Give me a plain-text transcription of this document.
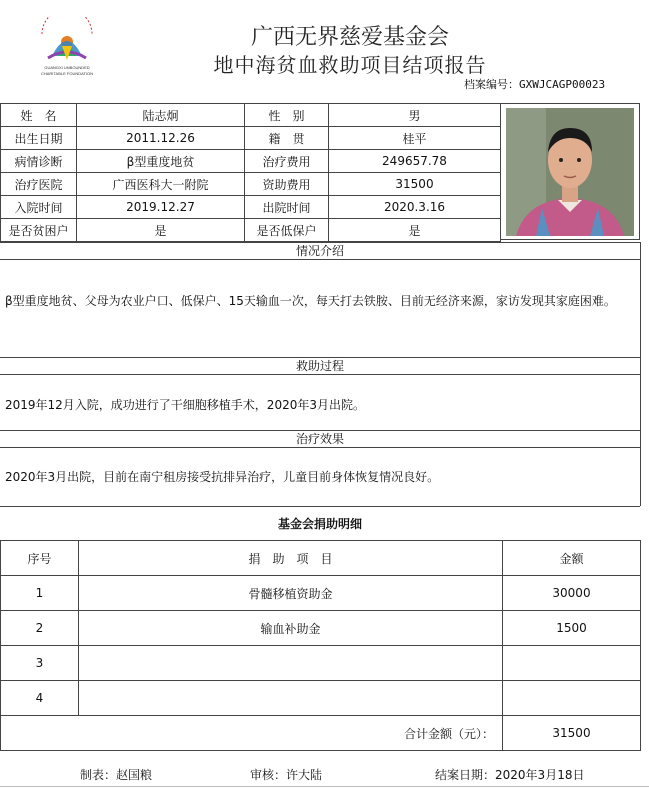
GUANGXI UNBOUNDED
CHARITABLE FOUNDATION
广西无界慈爱基金会
地中海贫血救助项目结项报告
档案编号：GXWJCAGP00023
姓　名	陆志炯	性　别	男
出生日期	2011.12.26	籍　贯	桂平
病情诊断	β型重度地贫	治疗费用	249657.78
治疗医院	广西医科大一附院	资助费用	31500
入院时间	2019.12.27	出院时间	2020.3.16
是否贫困户	是	是否低保户	是
情况介绍
β型重度地贫、父母为农业户口、低保户、15天输血一次，每天打去铁胺、目前无经济来源，家访发现其家庭困难。
救助过程
2019年12月入院，成功进行了干细胞移植手术，2020年3月出院。
治疗效果
2020年3月出院，目前在南宁租房接受抗排异治疗，儿童目前身体恢复情况良好。
基金会捐助明细
序号	捐　助　项　目	金额
1	骨髓移植资助金	30000
2	输血补助金	1500
3		
4		
	合计金额（元）：	31500
制表：赵国粮	审核：许大陆	结案日期：2020年3月18日
